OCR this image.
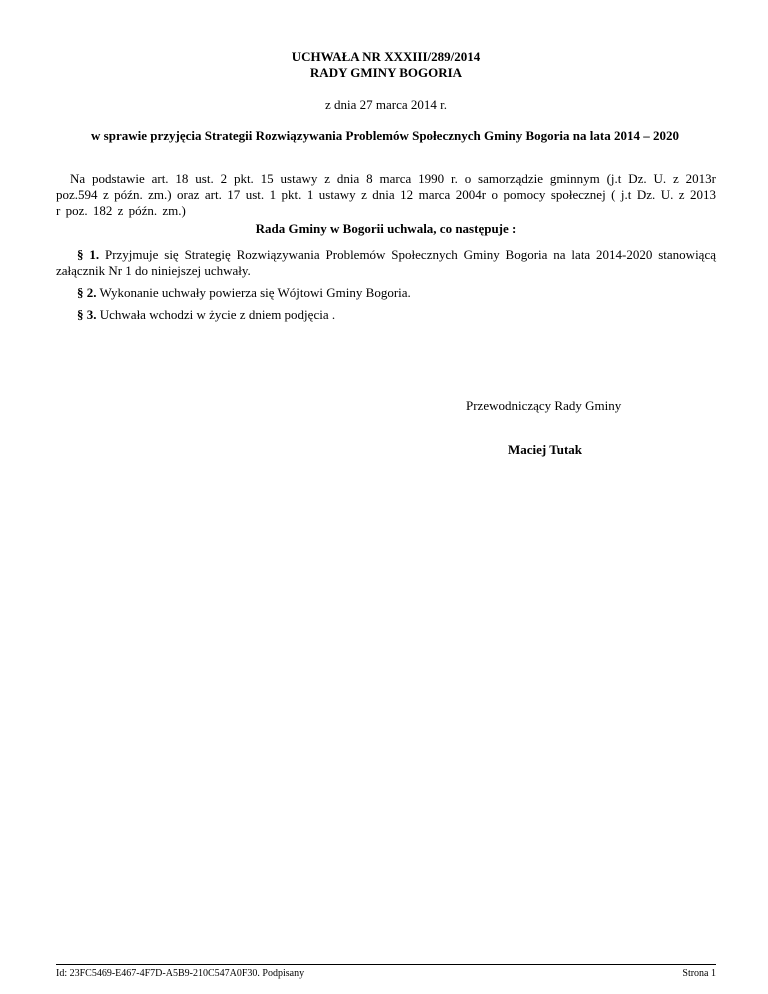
UCHWAŁA NR XXXIII/289/2014
RADY GMINY BOGORIA
z dnia 27 marca 2014 r.
w sprawie przyjęcia Strategii Rozwiązywania Problemów Społecznych Gminy Bogoria na lata 2014 – 2020
Na podstawie art. 18 ust. 2 pkt. 15 ustawy z dnia 8 marca 1990 r. o samorządzie gminnym (j.t Dz. U. z 2013r poz.594 z późn. zm.) oraz art. 17 ust. 1 pkt. 1 ustawy z dnia 12 marca 2004r o pomocy społecznej ( j.t Dz. U. z 2013 r poz. 182 z późn. zm.)
Rada Gminy w Bogorii uchwala, co następuje :
§ 1. Przyjmuje się Strategię Rozwiązywania Problemów Społecznych Gminy Bogoria na lata 2014-2020 stanowiącą załącznik Nr 1 do niniejszej uchwały.
§ 2. Wykonanie uchwały powierza się Wójtowi Gminy Bogoria.
§ 3. Uchwała wchodzi w życie z dniem podjęcia .
Przewodniczący Rady Gminy
Maciej Tutak
Id: 23FC5469-E467-4F7D-A5B9-210C547A0F30. Podpisany	Strona 1
